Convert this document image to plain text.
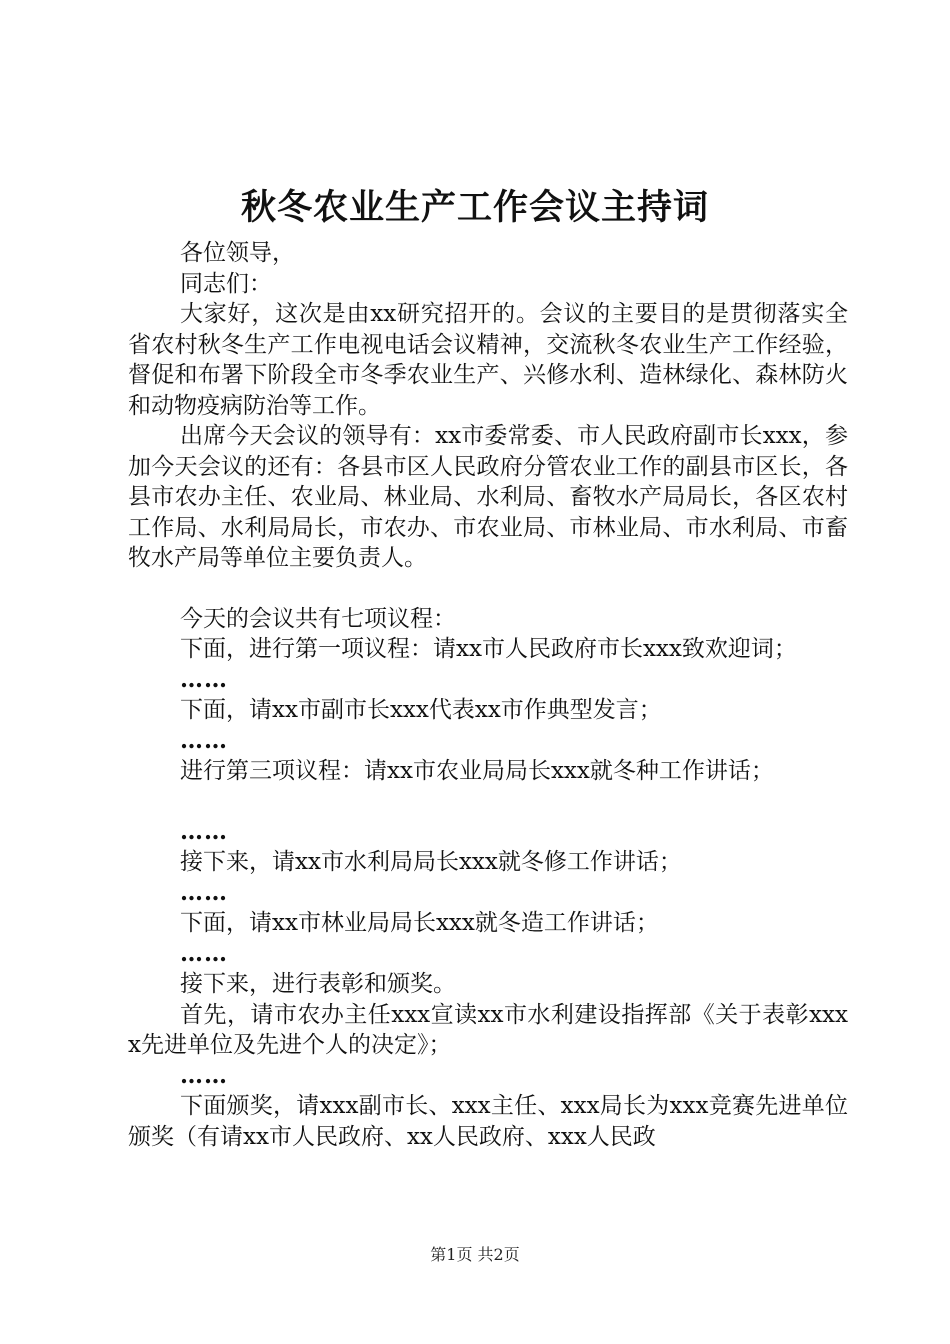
秋冬农业生产工作会议主持词

各位领导，

同志们：

大家好，这次是由xx研究招开的。会议的主要目的是贯彻落实全省农村秋冬生产工作电视电话会议精神，交流秋冬农业生产工作经验，督促和布署下阶段全市冬季农业生产、兴修水利、造林绿化、森林防火和动物疫病防治等工作。

出席今天会议的领导有：xx市委常委、市人民政府副市长xxx，参加今天会议的还有：各县市区人民政府分管农业工作的副县市区长，各县市农办主任、农业局、林业局、水利局、畜牧水产局局长，各区农村工作局、水利局局长，市农办、市农业局、市林业局、市水利局、市畜牧水产局等单位主要负责人。

今天的会议共有七项议程：

下面，进行第一项议程：请xx市人民政府市长xxx致欢迎词；

……

下面，请xx市副市长xxx代表xx市作典型发言；

……

进行第三项议程：请xx市农业局局长xxx就冬种工作讲话；

……

接下来，请xx市水利局局长xxx就冬修工作讲话；

……

下面，请xx市林业局局长xxx就冬造工作讲话；

……

接下来，进行表彰和颁奖。

首先，请市农办主任xxx宣读xx市水利建设指挥部《关于表彰xxxx先进单位及先进个人的决定》；

……

下面颁奖，请xxx副市长、xxx主任、xxx局长为xxx竞赛先进单位颁奖（有请xx市人民政府、xx人民政府、xxx人民政

第1页 共2页
